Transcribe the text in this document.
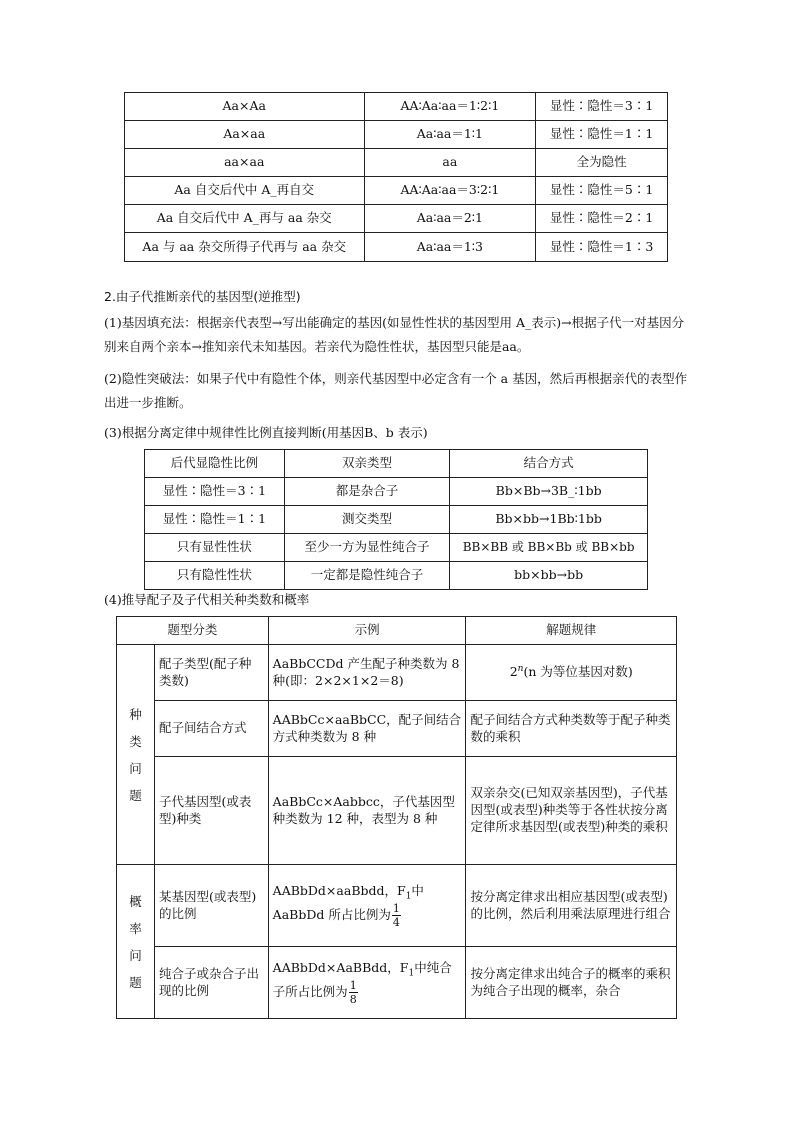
Aa×Aa	AA∶Aa∶aa＝1∶2∶1	显性∶隐性＝3∶1
Aa×aa	Aa∶aa＝1∶1	显性∶隐性＝1∶1
aa×aa	aa	全为隐性
Aa 自交后代中 A_再自交	AA∶Aa∶aa＝3∶2∶1	显性∶隐性＝5∶1
Aa 自交后代中 A_再与 aa 杂交	Aa∶aa＝2∶1	显性∶隐性＝2∶1
Aa 与 aa 杂交所得子代再与 aa 杂交	Aa∶aa＝1∶3	显性∶隐性＝1∶3
2.由子代推断亲代的基因型(逆推型)
(1)基因填充法：根据亲代表型→写出能确定的基因(如显性性状的基因型用 A_表示)→根据子代一对基因分别来自两个亲本→推知亲代未知基因。若亲代为隐性性状，基因型只能是aa。
(2)隐性突破法：如果子代中有隐性个体，则亲代基因型中必定含有一个 a 基因，然后再根据亲代的表型作出进一步推断。
(3)根据分离定律中规律性比例直接判断(用基因B、b 表示)
后代显隐性比例	双亲类型	结合方式
显性∶隐性＝3∶1	都是杂合子	Bb×Bb→3B_∶1bb
显性∶隐性＝1∶1	测交类型	Bb×bb→1Bb∶1bb
只有显性性状	至少一方为显性纯合子	BB×BB 或 BB×Bb 或 BB×bb
只有隐性性状	一定都是隐性纯合子	bb×bb→bb
(4)推导配子及子代相关种类数和概率
题型分类		示例	解题规律

种
类
问
题	配子类型(配子种类数)	AaBbCCDd 产生配子种类数为 8 种(即：2×2×1×2＝8)	2$^n$(n 为等位基因对数)
	配子间结合方式	AABbCc×aaBbCC，配子间结合方式种类数为 8 种	配子间结合方式种类数等于配子种类数的乘积
	子代基因型(或表型)种类	AaBbCc×Aabbcc，子代基因型种类数为 12 种，表型为 8 种	双亲杂交(已知双亲基因型)，子代基因型(或表型)种类等于各性状按分离定律所求基因型(或表型)种类的乘积

概
率
问
题	某基因型(或表型)的比例	AABbDd×aaBbdd，$F_1$中
AaBbDd 所占比例为 $\frac{1}{4}$	按分离定律求出相应基因型(或表型)的比例，然后利用乘法原理进行组合
	纯合子或杂合子出现的比例	AABbDd×AaBBdd，$F_1$中纯合子所占比例为 $\frac{1}{8}$	按分离定律求出纯合子的概率的乘积为纯合子出现的概率，杂合
